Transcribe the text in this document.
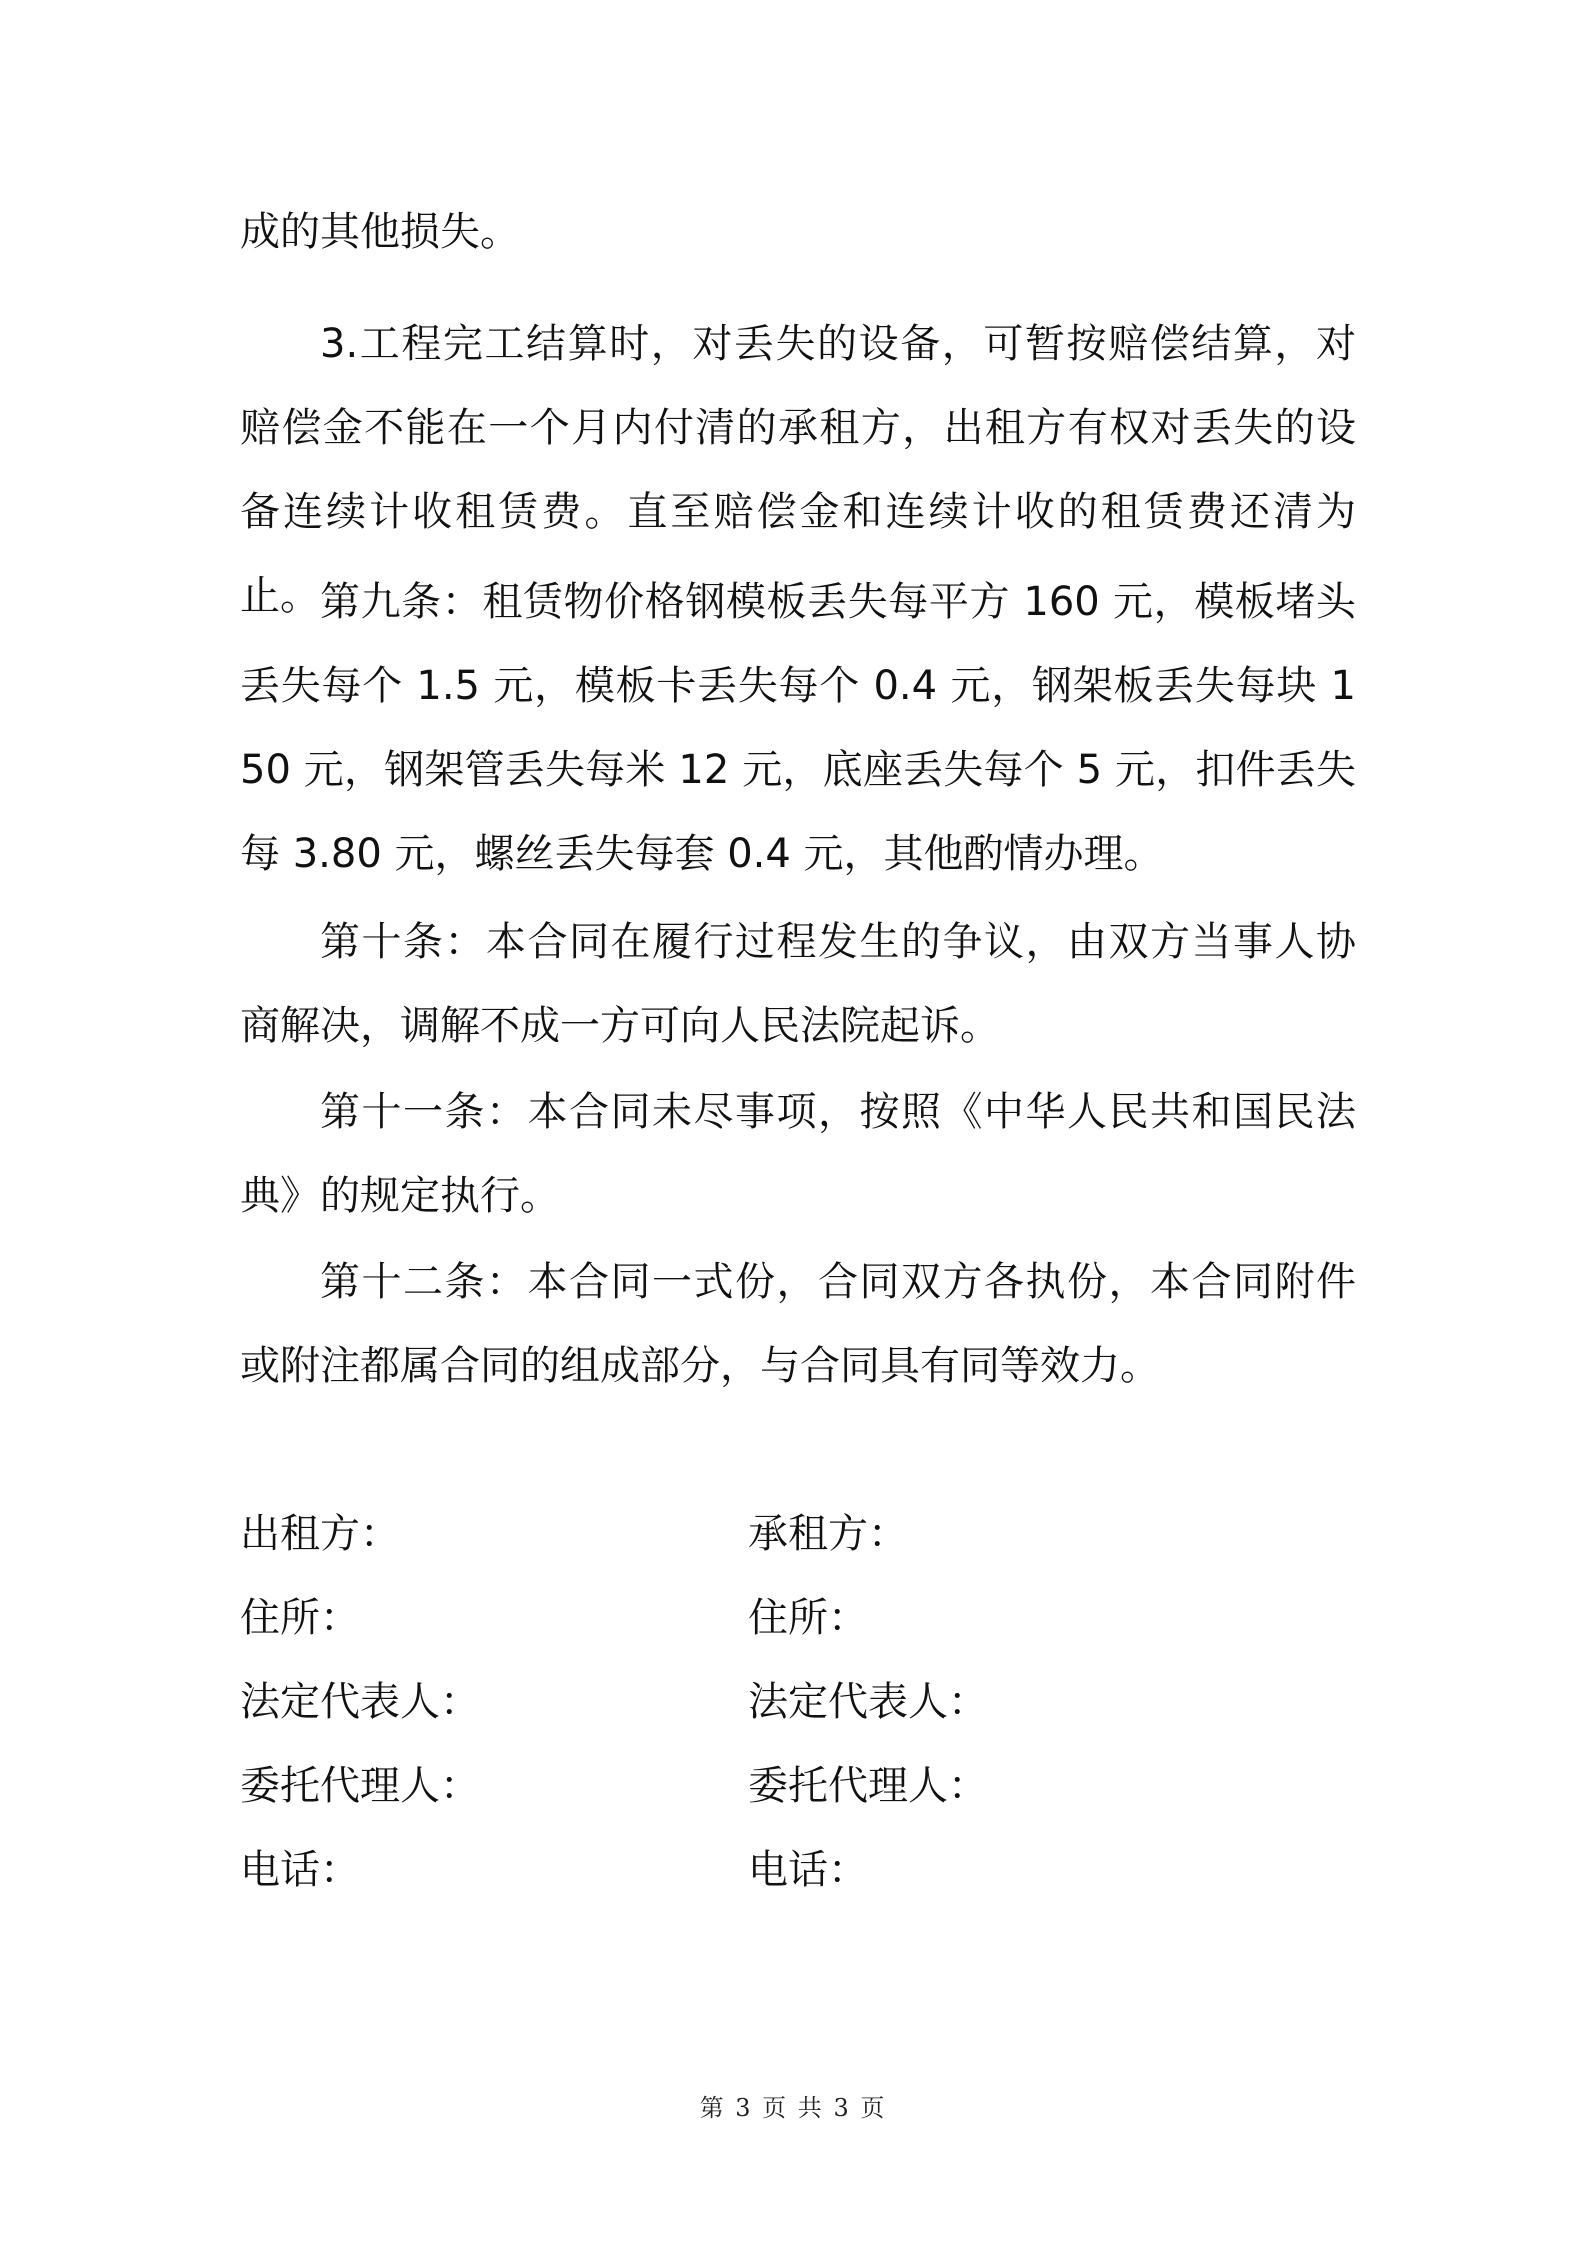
成的其他损失。

3.工程完工结算时，对丢失的设备，可暂按赔偿结算，对赔偿金不能在一个月内付清的承租方，出租方有权对丢失的设备连续计收租赁费。直至赔偿金和连续计收的租赁费还清为止。 第九条：租赁物价格钢模板丢失每平方 160 元，模板堵头丢失每个 1.5 元，模板卡丢失每个 0.4 元，钢架板丢失每块 150 元，钢架管丢失每米 12 元，底座丢失每个 5 元，扣件丢失每 3.80 元，螺丝丢失每套 0.4 元，其他酌情办理。

第十条：本合同在履行过程发生的争议，由双方当事人协商解决，调解不成一方可向人民法院起诉。

第十一条：本合同未尽事项，按照《中华人民共和国民法典》的规定执行。

第十二条：本合同一式份，合同双方各执份，本合同附件或附注都属合同的组成部分，与合同具有同等效力。

出租方：	承租方：
住所：	住所：
法定代表人：	法定代表人：
委托代理人：	委托代理人：
电话：	电话：
第 3 页 共 3 页
